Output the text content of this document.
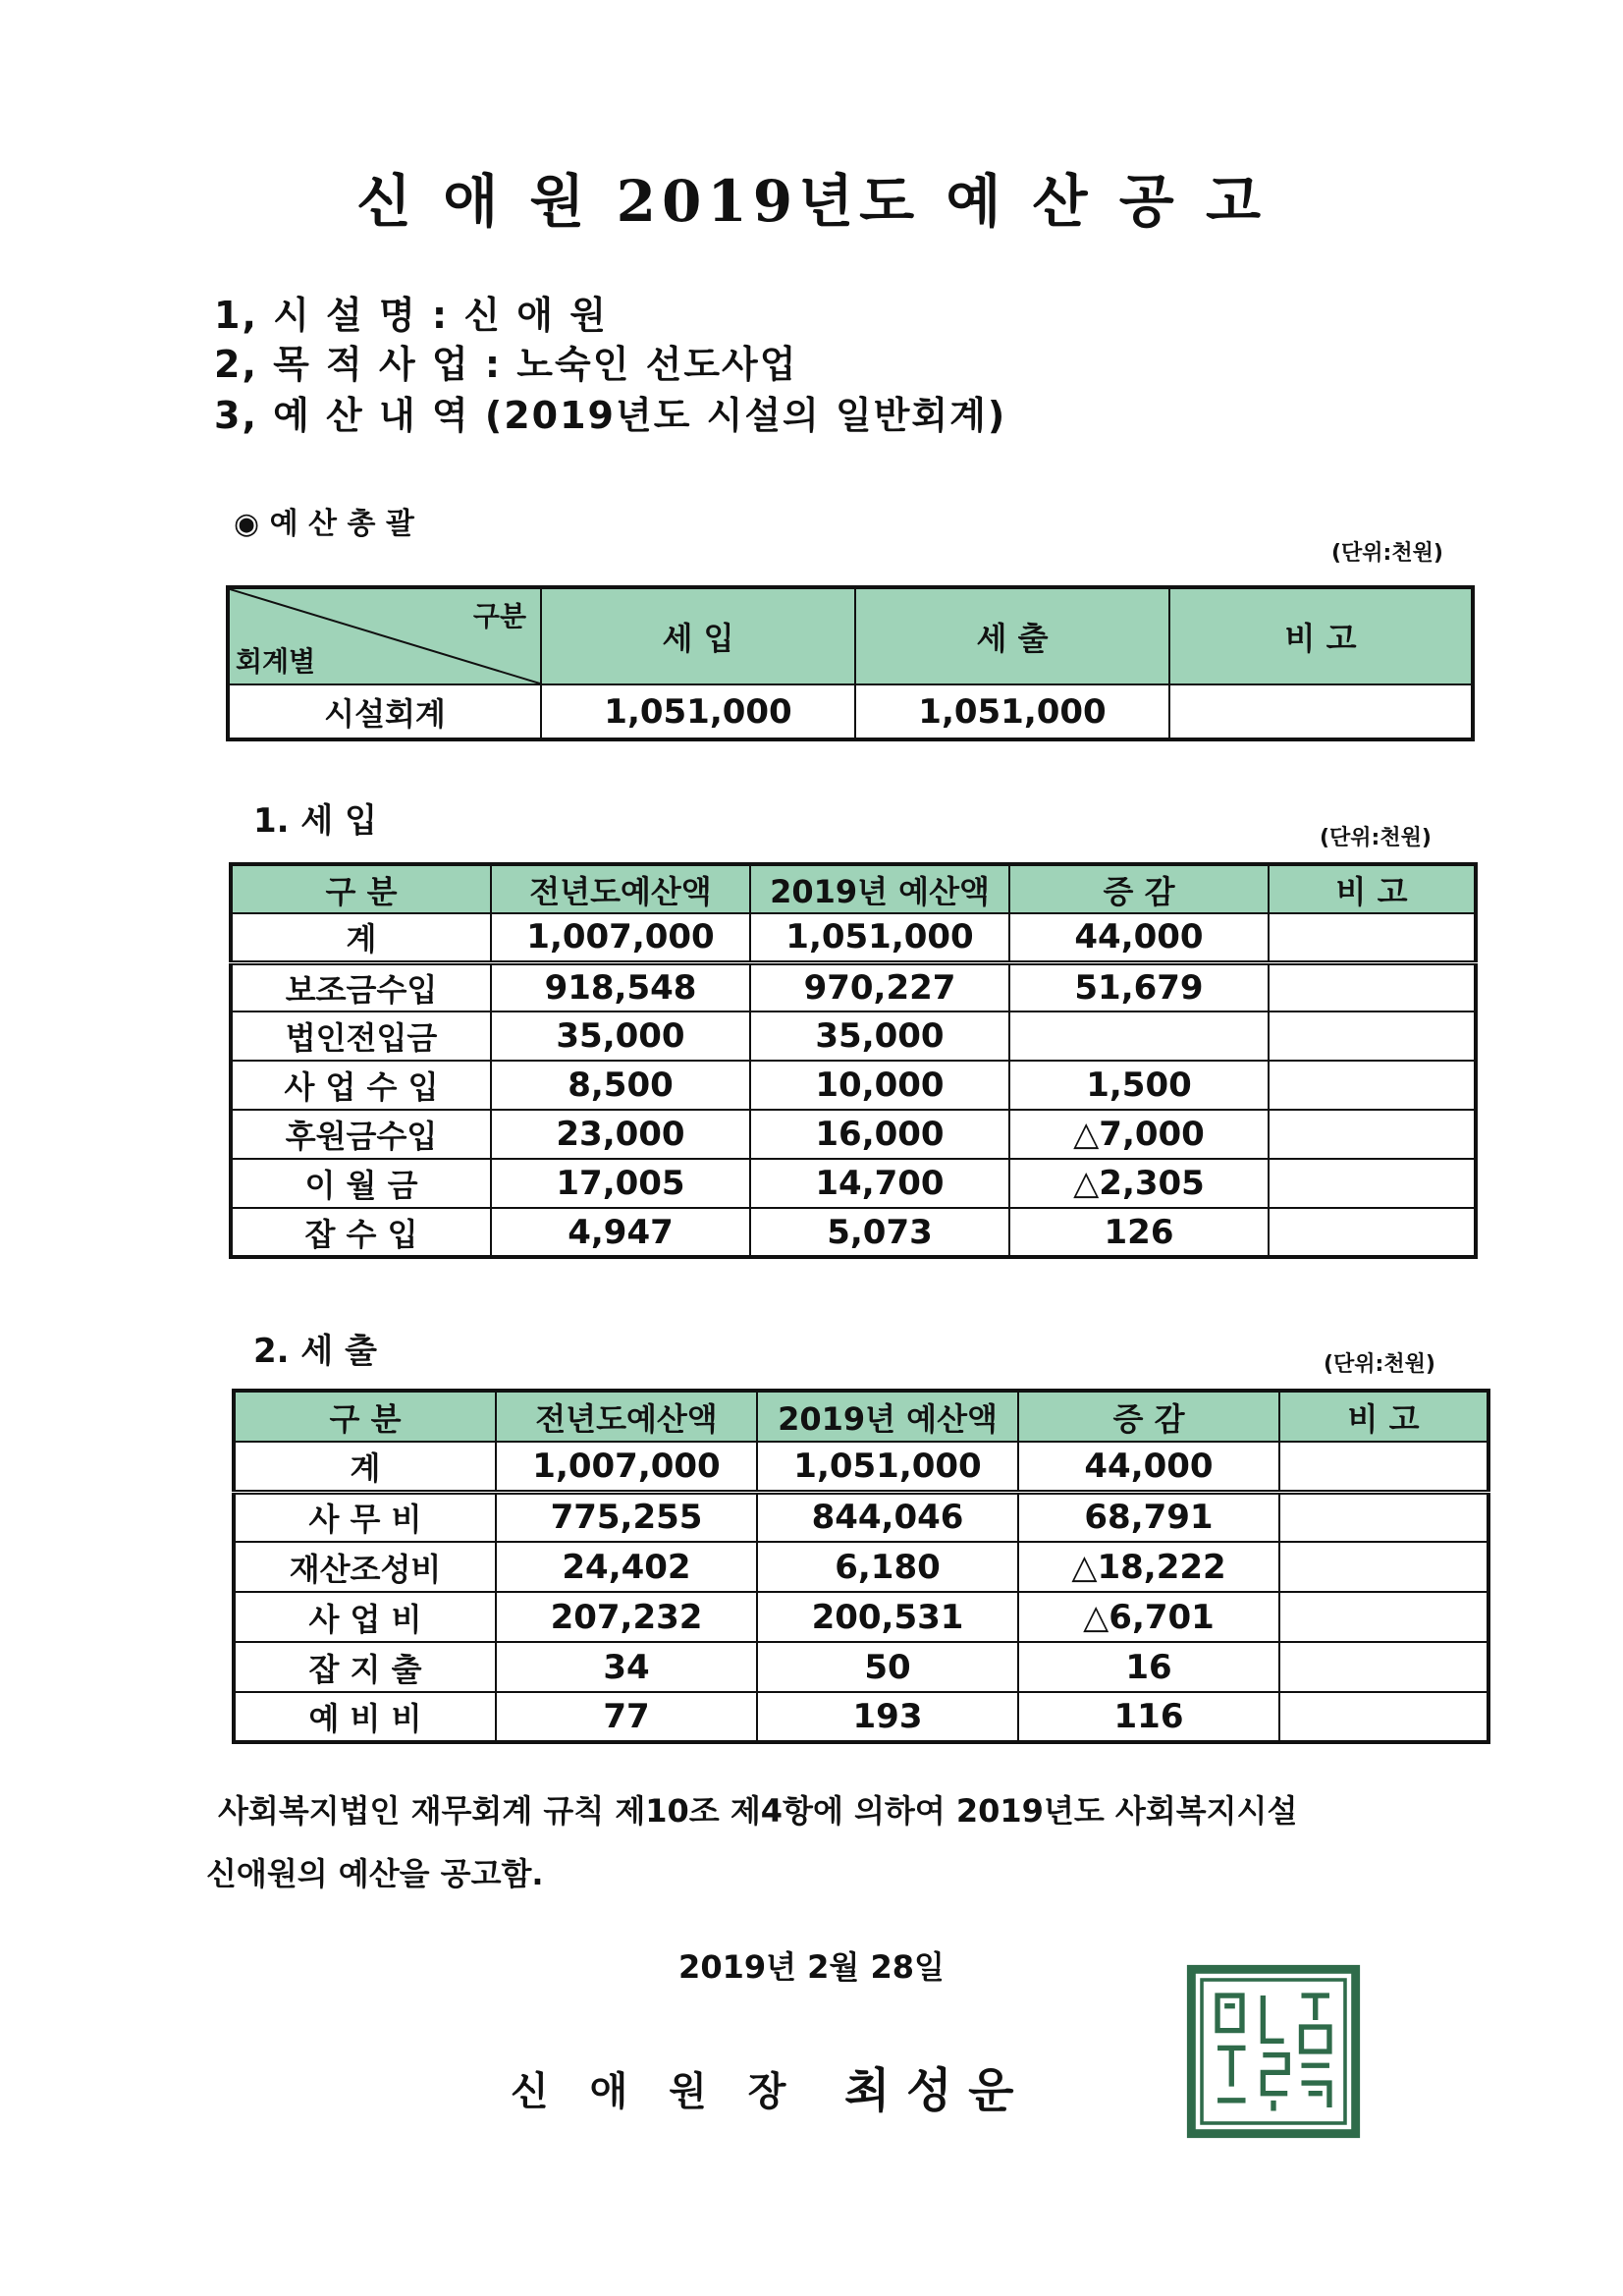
신 애 원 2019년도 예 산 공 고
1, 시 설 명 : 신 애 원
2, 목 적 사 업 : 노숙인 선도사업
3, 예 산 내 역 (2019년도 시설의 일반회계)
◉ 예 산 총 괄
(단위:천원)
구분
회계별	세 입	세 출	비 고
시설회계	1,051,000	1,051,000	
1. 세 입	(단위:천원)
구 분	전년도예산액	2019년 예산액	증 감	비 고
계	1,007,000	1,051,000	44,000	
보조금수입	918,548	970,227	51,679	
법인전입금	35,000	35,000		
사 업 수 입	8,500	10,000	1,500	
후원금수입	23,000	16,000	△7,000	
이 월 금	17,005	14,700	△2,305	
잡 수 입	4,947	5,073	126	
2. 세 출	(단위:천원)
구 분	전년도예산액	2019년 예산액	증 감	비 고
계	1,007,000	1,051,000	44,000	
사 무 비	775,255	844,046	68,791	
재산조성비	24,402	6,180	△18,222	
사 업 비	207,232	200,531	△6,701	
잡 지 출	34	50	16	
예 비 비	77	193	116	
사회복지법인 재무회계 규칙 제10조 제4항에 의하여 2019년도 사회복지시설
신애원의 예산을 공고함.
2019년 2월 28일
신 애 원 장 최 성 운
